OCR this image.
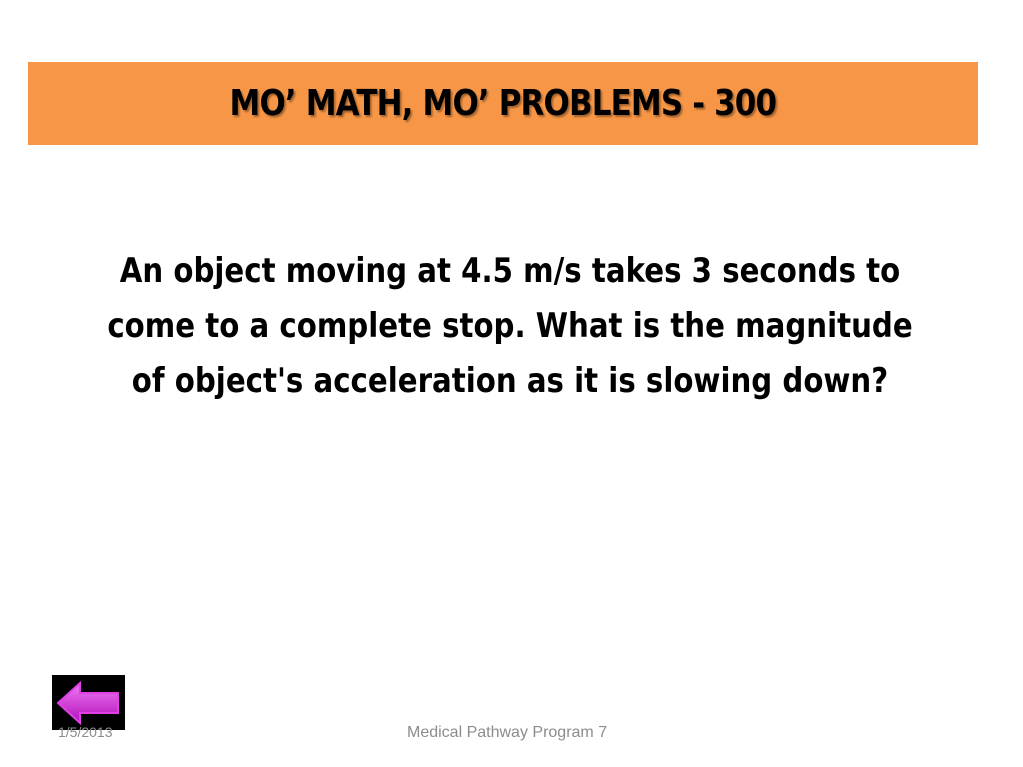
MO’ MATH, MO’ PROBLEMS - 300
An object moving at 4.5 m/s takes 3 seconds to come to a complete stop. What is the magnitude of object's acceleration as it is slowing down?
1/5/2013	Medical Pathway Program 7
